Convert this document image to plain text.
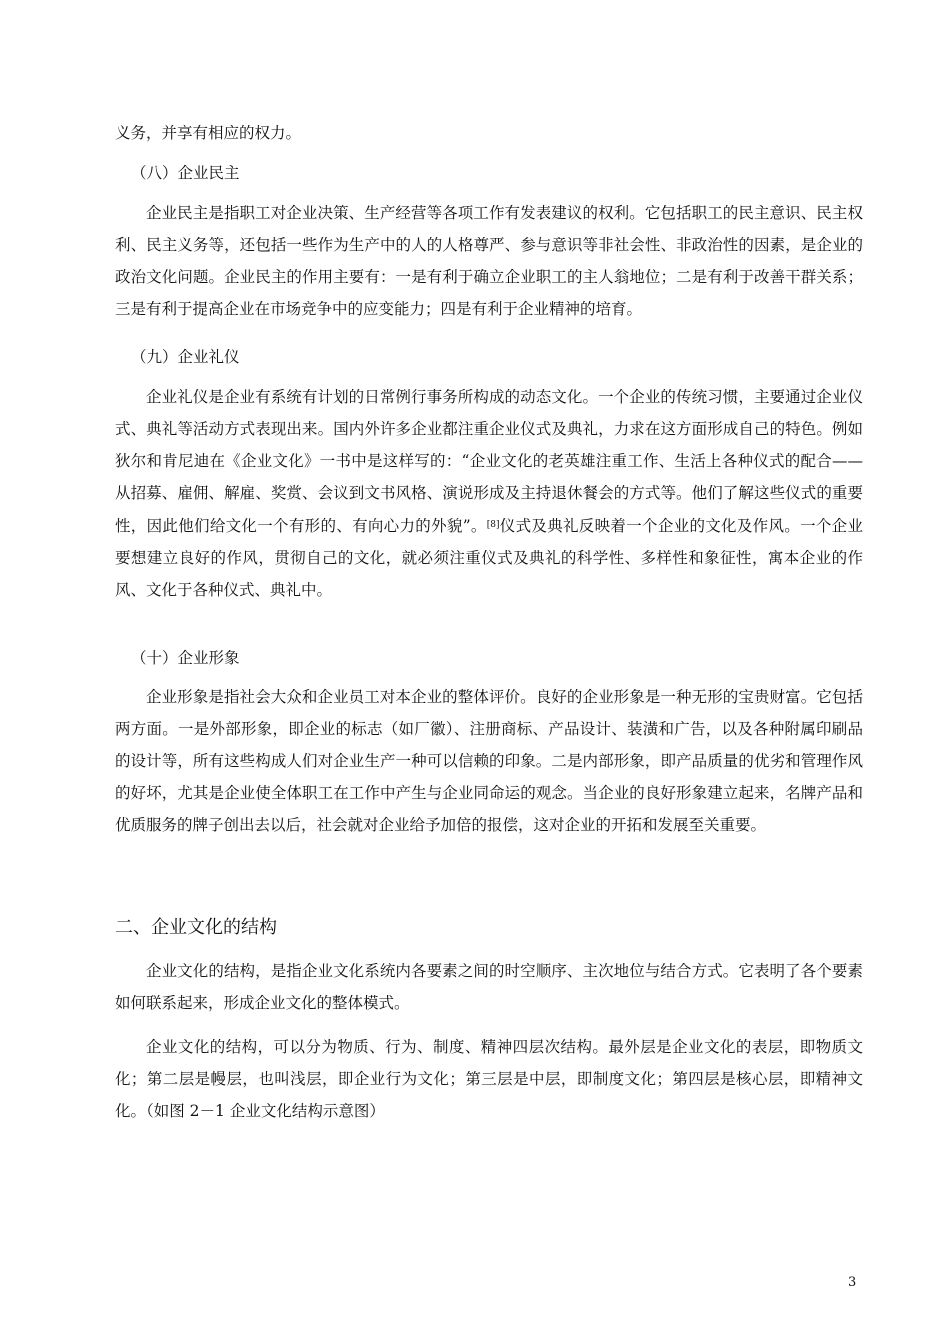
义务，并享有相应的权力。
（八）企业民主
企业民主是指职工对企业决策、生产经营等各项工作有发表建议的权利。它包括职工的民主意识、民主权利、民主义务等，还包括一些作为生产中的人的人格尊严、参与意识等非社会性、非政治性的因素，是企业的政治文化问题。企业民主的作用主要有：一是有利于确立企业职工的主人翁地位；二是有利于改善干群关系；三是有利于提高企业在市场竞争中的应变能力；四是有利于企业精神的培育。
（九）企业礼仪
企业礼仪是企业有系统有计划的日常例行事务所构成的动态文化。一个企业的传统习惯，主要通过企业仪式、典礼等活动方式表现出来。国内外许多企业都注重企业仪式及典礼，力求在这方面形成自己的特色。例如狄尔和肯尼迪在《企业文化》一书中是这样写的：“企业文化的老英雄注重工作、生活上各种仪式的配合——从招募、雇佣、解雇、奖赏、会议到文书风格、演说形成及主持退休餐会的方式等。他们了解这些仪式的重要性，因此他们给文化一个有形的、有向心力的外貌”。[8]仪式及典礼反映着一个企业的文化及作风。一个企业要想建立良好的作风，贯彻自己的文化，就必须注重仪式及典礼的科学性、多样性和象征性，寓本企业的作风、文化于各种仪式、典礼中。
（十）企业形象
企业形象是指社会大众和企业员工对本企业的整体评价。良好的企业形象是一种无形的宝贵财富。它包括两方面。一是外部形象，即企业的标志（如厂徽）、注册商标、产品设计、装潢和广告，以及各种附属印刷品的设计等，所有这些构成人们对企业生产一种可以信赖的印象。二是内部形象，即产品质量的优劣和管理作风的好坏，尤其是企业使全体职工在工作中产生与企业同命运的观念。当企业的良好形象建立起来，名牌产品和优质服务的牌子创出去以后，社会就对企业给予加倍的报偿，这对企业的开拓和发展至关重要。
二、企业文化的结构
企业文化的结构，是指企业文化系统内各要素之间的时空顺序、主次地位与结合方式。它表明了各个要素如何联系起来，形成企业文化的整体模式。
企业文化的结构，可以分为物质、行为、制度、精神四层次结构。最外层是企业文化的表层，即物质文化；第二层是幔层，也叫浅层，即企业行为文化；第三层是中层，即制度文化；第四层是核心层，即精神文化。（如图 2－1 企业文化结构示意图）
3
